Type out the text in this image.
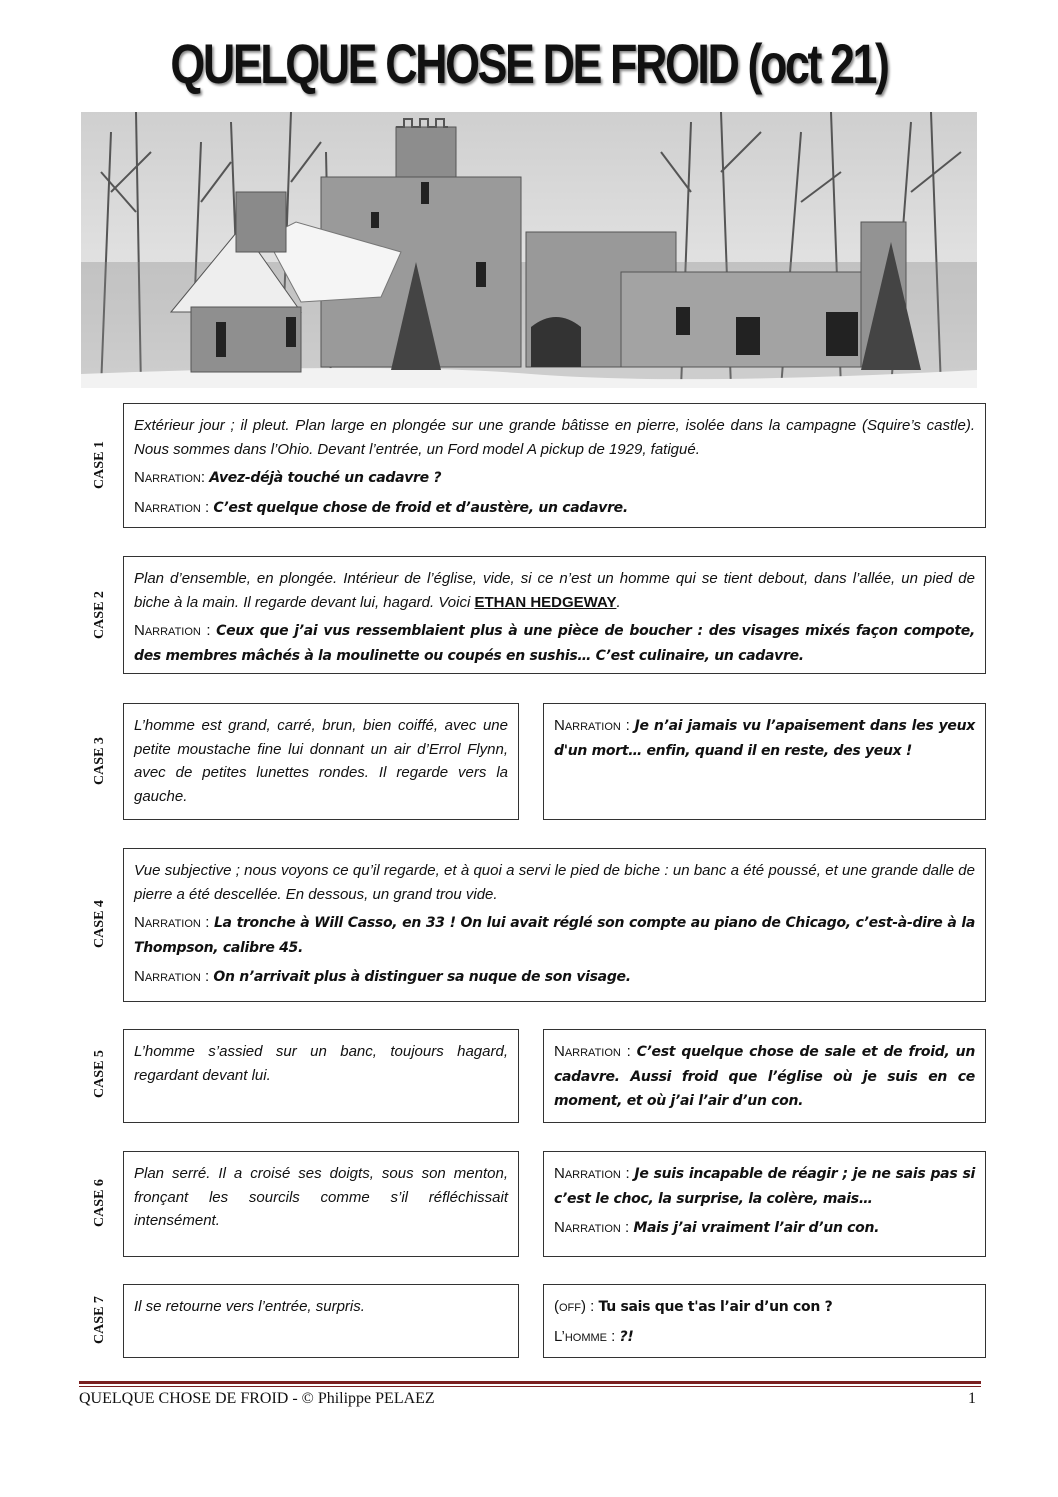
QUELQUE CHOSE DE FROID (oct 21)
CASE 1

Extérieur jour ; il pleut. Plan large en plongée sur une grande bâtisse en pierre, isolée dans la campagne (Squire’s castle). Nous sommes dans l’Ohio. Devant l’entrée, un Ford model A pickup de 1929, fatigué.

Narration: Avez-déjà touché un cadavre ?

Narration : C’est quelque chose de froid et d’austère, un cadavre.

CASE 2

Plan d’ensemble, en plongée. Intérieur de l’église, vide, si ce n’est un homme qui se tient debout, dans l’allée, un pied de biche à la main. Il regarde devant lui, hagard. Voici ETHAN HEDGEWAY.

Narration : Ceux que j’ai vus ressemblaient plus à une pièce de boucher : des visages mixés façon compote, des membres mâchés à la moulinette ou coupés en sushis… C’est culinaire, un cadavre.

CASE 3

L’homme est grand, carré, brun, bien coiffé, avec une petite moustache fine lui donnant un air d’Errol Flynn, avec de petites lunettes rondes. Il regarde vers la gauche.

Narration : Je n’ai jamais vu l’apaisement dans les yeux d'un mort… enfin, quand il en reste, des yeux !

CASE 4

Vue subjective ; nous voyons ce qu’il regarde, et à quoi a servi le pied de biche : un banc a été poussé, et une grande dalle de pierre a été descellée. En dessous, un grand trou vide.

Narration : La tronche à Will Casso, en 33 ! On lui avait réglé son compte au piano de Chicago, c’est-à-dire à la Thompson, calibre 45.

Narration : On n’arrivait plus à distinguer sa nuque de son visage.

CASE 5 L’homme s’assied sur un banc, toujours hagard, regardant devant lui.

Narration : C’est quelque chose de sale et de froid, un cadavre. Aussi froid que l’église où je suis en ce moment, et où j’ai l’air d’un con.

CASE 6

Plan serré. Il a croisé ses doigts, sous son menton, fronçant les sourcils comme s’il réfléchissait intensément.

Narration : Je suis incapable de réagir ; je ne sais pas si c’est le choc, la surprise, la colère, mais…

Narration : Mais j’ai vraiment l’air d’un con.

CASE 7 Il se retourne vers l’entrée, surpris.	(off) : Tu sais que t'as l’air d’un con ?

L’homme : ?!

QUELQUE CHOSE DE FROID - © Philippe PELAEZ	1
